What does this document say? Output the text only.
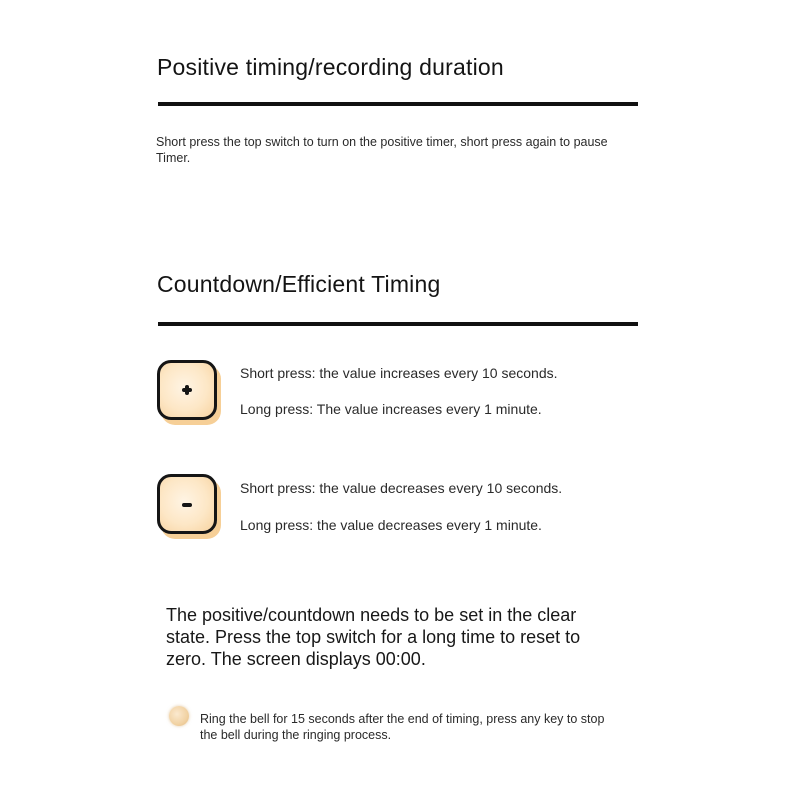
Positive timing/recording duration
Short press the top switch to turn on the positive timer, short press again to pause
Timer.
Countdown/Efficient Timing
Short press: the value increases every 10 seconds.
Long press: The value increases every 1 minute.
Short press: the value decreases every 10 seconds.
Long press: the value decreases every 1 minute.
The positive/countdown needs to be set in the clear
state. Press the top switch for a long time to reset to
zero. The screen displays 00:00.
Ring the bell for 15 seconds after the end of timing, press any key to stop
the bell during the ringing process.
